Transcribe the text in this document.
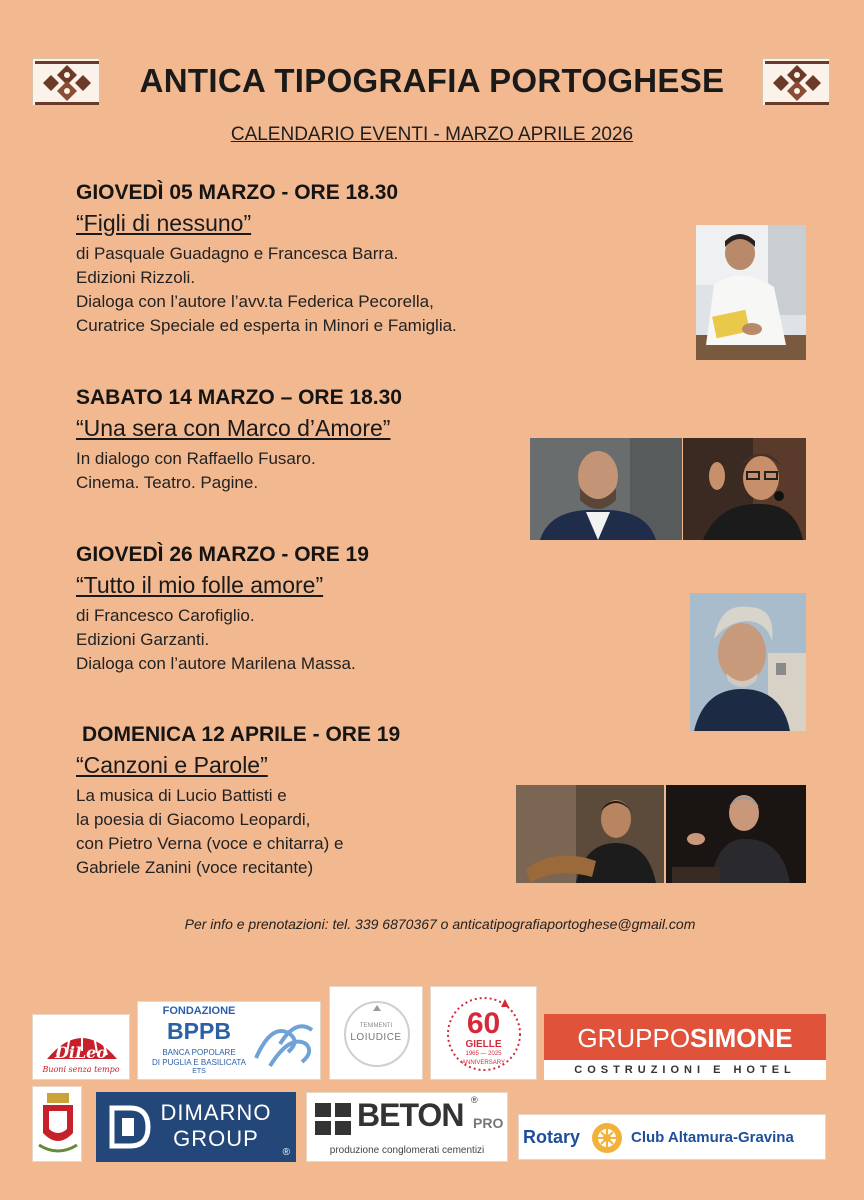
ANTICA TIPOGRAFIA PORTOGHESE
CALENDARIO EVENTI - MARZO APRILE 2026

GIOVEDÌ 05 MARZO - ORE 18.30

“Figli di nessuno”

di Pasquale Guadagno e Francesca Barra.

Edizioni Rizzoli.

Dialoga con l’autore l’avv.ta Federica Pecorella,

Curatrice Speciale ed esperta in Minori e Famiglia.

SABATO 14 MARZO – ORE 18.30

“Una sera con Marco d’Amore”

In dialogo con Raffaello Fusaro.

Cinema. Teatro. Pagine.

GIOVEDÌ 26 MARZO - ORE 19

“Tutto il mio folle amore”

di Francesco Carofiglio.

Edizioni Garzanti.

Dialoga con l’autore Marilena Massa.

DOMENICA 12 APRILE - ORE 19

“Canzoni e Parole”

La musica di Lucio Battisti e

la poesia di Giacomo Leopardi,

con Pietro Verna (voce e chitarra) e

Gabriele Zanini (voce recitante)

Per info e prenotazioni: tel. 339 6870367 o anticatipografiaportoghese@gmail.com
DiLeo
Buoni senza tempo
FONDAZIONE
BPPB
BANCA POPOLARE
DI PUGLIA E BASILICATA
ETS
TENIMENTI
LOIUDICE	60
GIELLE
1965 — 2025
ANNIVERSARY
GRUPPOSIMONE
COSTRUZIONI E HOTEL
DIMARNO
GROUP
®
BETON ®
PRO
produzione conglomerati cementizi
Rotary	Club Altamura-Gravina
